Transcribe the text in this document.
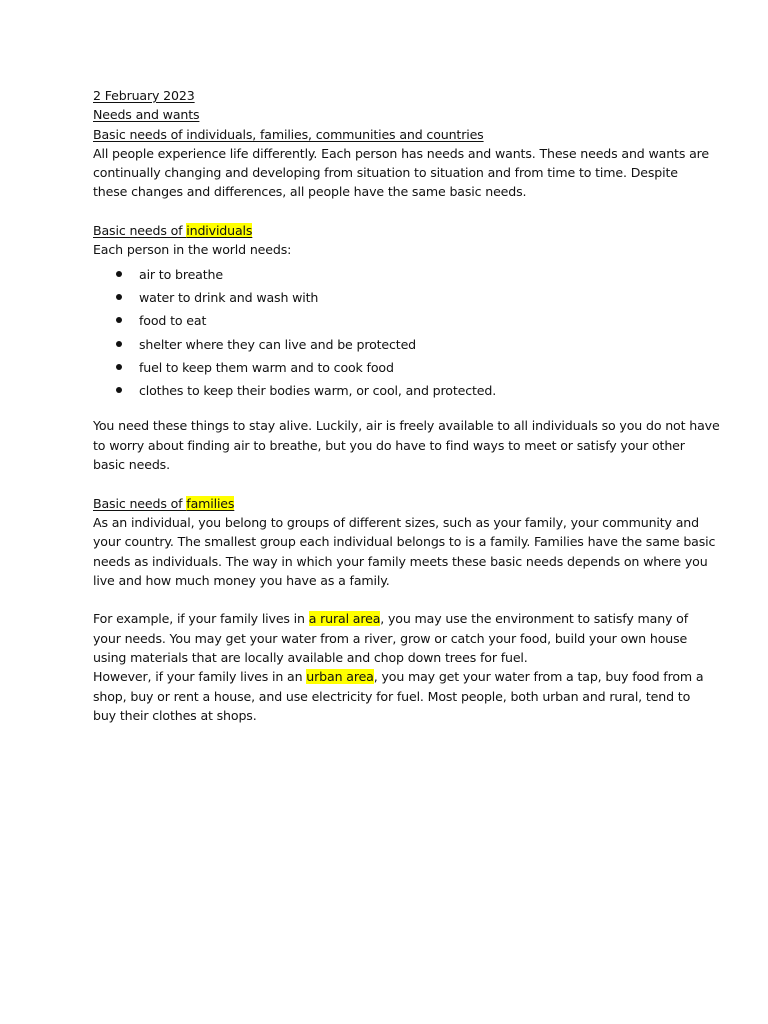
2 February 2023
Needs and wants
Basic needs of individuals, families, communities and countries

All people experience life differently. Each person has needs and wants. These needs and wants are
continually changing and developing from situation to situation and from time to time. Despite
these changes and differences, all people have the same basic needs.

Basic needs of individuals
Each person in the world needs:
air to breathe
water to drink and wash with
food to eat
shelter where they can live and be protected
fuel to keep them warm and to cook food
clothes to keep their bodies warm, or cool, and protected.

You need these things to stay alive. Luckily, air is freely available to all individuals so you do not have
to worry about finding air to breathe, but you do have to find ways to meet or satisfy your other
basic needs.

Basic needs of families

As an individual, you belong to groups of different sizes, such as your family, your community and
your country. The smallest group each individual belongs to is a family. Families have the same basic
needs as individuals. The way in which your family meets these basic needs depends on where you
live and how much money you have as a family.

For example, if your family lives in a rural area, you may use the environment to satisfy many of
your needs. You may get your water from a river, grow or catch your food, build your own house
using materials that are locally available and chop down trees for fuel.
However, if your family lives in an urban area, you may get your water from a tap, buy food from a
shop, buy or rent a house, and use electricity for fuel. Most people, both urban and rural, tend to
buy their clothes at shops.
